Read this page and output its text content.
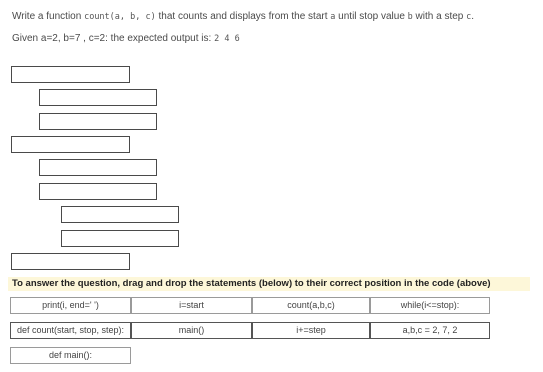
Write a function count(a, b, c) that counts and displays from the start a until stop value b with a step c.
Given a=2, b=7 , c=2: the expected output is: 2 4 6
To answer the question, drag and drop the statements (below) to their correct position in the code (above)
print(i, end=' ')	i=start	count(a,b,c)	while(i<=stop):
def count(start, stop, step):	main()	i+=step	a,b,c = 2, 7, 2
def main():
